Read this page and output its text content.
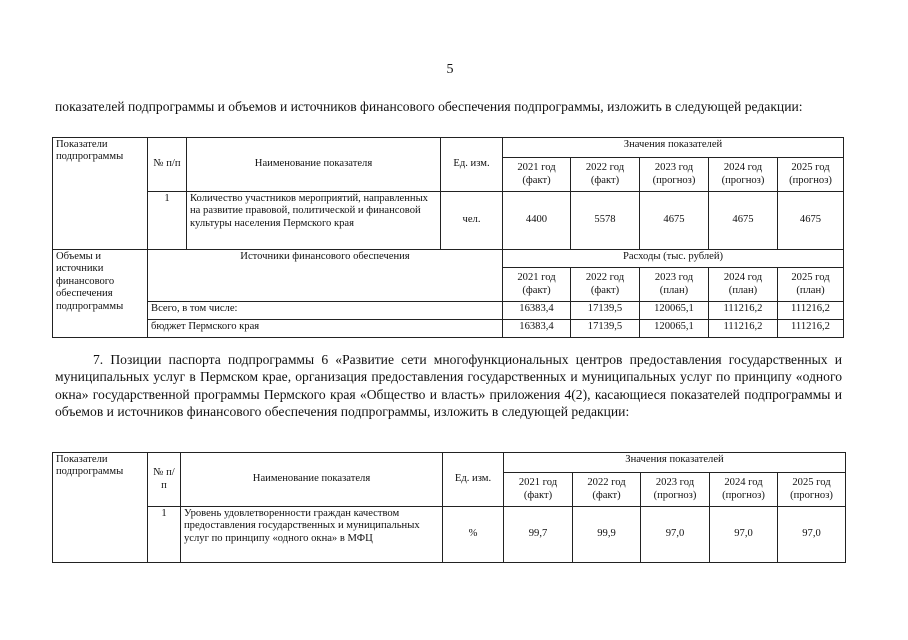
5

показателей подпрограммы и объемов и источников финансового обеспечения подпрограммы, изложить в следующей редакции:

Показатели подпрограммы	№ п/п	Наименование показателя	Ед. изм.	Значения показателей					
				2021 год (факт)	2022 год (факт)	2023 год (прогноз)	2024 год (прогноз)	2025 год (прогноз)	
	1	Количество участников мероприятий, направленных на развитие правовой, политической и финансовой культуры населения Пермского края	чел.	4400	5578	4675	4675	4675	
Объемы и источники финансового обеспечения подпрограммы	Источники финансового обеспечения			Расходы (тыс. рублей)					
				2021 год (факт)	2022 год (факт)	2023 год (план)	2024 год (план)	2025 год (план)	
	Всего, в том числе:			16383,4	17139,5	120065,1	111216,2	111216,2	
	бюджет Пермского края			16383,4	17139,5	120065,1	111216,2	111216,2	

7. Позиции паспорта подпрограммы 6 «Развитие сети многофункциональных центров предоставления государственных и муниципальных услуг в Пермском крае, организация предоставления государственных и муниципальных услуг по принципу «одного окна» государственной программы Пермского края «Общество и власть» приложения 4(2), касающиеся показателей подпрограммы и объемов и источников финансового обеспечения подпрограммы, изложить в следующей редакции:

Показатели подпрограммы	№ п/п	Наименование показателя	Ед. изм.	Значения показателей				
				2021 год (факт)	2022 год (факт)	2023 год (прогноз)	2024 год (прогноз)	2025 год (прогноз)
	1	Уровень удовлетворенности граждан качеством предоставления государственных и муниципальных услуг по принципу «одного окна» в МФЦ	%	99,7	99,9	97,0	97,0	97,0
